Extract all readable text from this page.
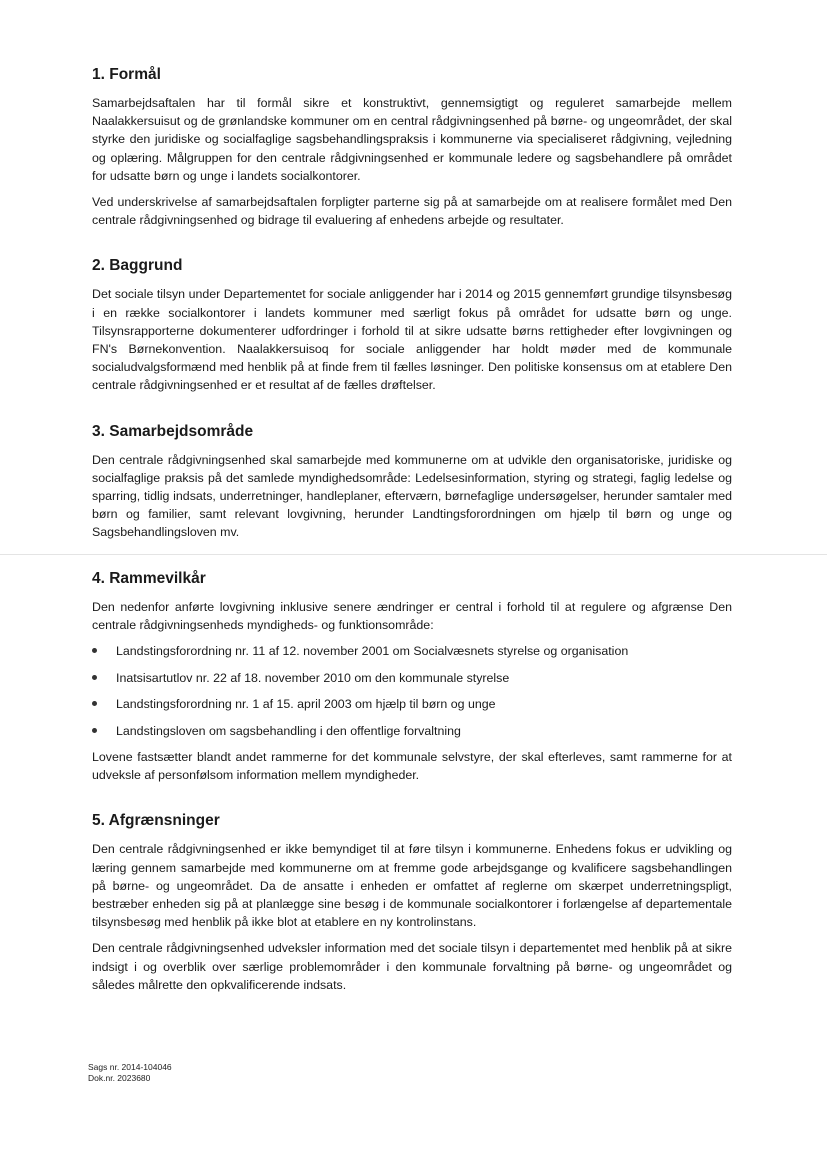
1. Formål

Samarbejdsaftalen har til formål sikre et konstruktivt, gennemsigtigt og reguleret samarbejde mellem Naalakkersuisut og de grønlandske kommuner om en central rådgivningsenhed på børne- og ungeområdet, der skal styrke den juridiske og socialfaglige sagsbehandlingspraksis i kommunerne via specialiseret rådgivning, vejledning og oplæring. Målgruppen for den centrale rådgivningsenhed er kommunale ledere og sagsbehandlere på området for udsatte børn og unge i landets socialkontorer.

Ved underskrivelse af samarbejdsaftalen forpligter parterne sig på at samarbejde om at realisere formålet med Den centrale rådgivningsenhed og bidrage til evaluering af enhedens arbejde og resultater.

2. Baggrund

Det sociale tilsyn under Departementet for sociale anliggender har i 2014 og 2015 gennemført grundige tilsynsbesøg i en række socialkontorer i landets kommuner med særligt fokus på området for udsatte børn og unge. Tilsynsrapporterne dokumenterer udfordringer i forhold til at sikre udsatte børns rettigheder efter lovgivningen og FN's Børnekonvention. Naalakkersuisoq for sociale anliggender har holdt møder med de kommunale socialudvalgsformænd med henblik på at finde frem til fælles løsninger. Den politiske konsensus om at etablere Den centrale rådgivningsenhed er et resultat af de fælles drøftelser.

3. Samarbejdsområde

Den centrale rådgivningsenhed skal samarbejde med kommunerne om at udvikle den organisatoriske, juridiske og socialfaglige praksis på det samlede myndighedsområde: Ledelsesinformation, styring og strategi, faglig ledelse og sparring, tidlig indsats, underretninger, handleplaner, efterværn, børnefaglige undersøgelser, herunder samtaler med børn og familier, samt relevant lovgivning, herunder Landtingsforordningen om hjælp til børn og unge og Sagsbehandlingsloven mv.

4. Rammevilkår

Den nedenfor anførte lovgivning inklusive senere ændringer er central i forhold til at regulere og afgrænse Den centrale rådgivningsenheds myndigheds- og funktionsområde:

Landstingsforordning nr. 11 af 12. november 2001 om Socialvæsnets styrelse og organisation
Inatsisartutlov nr. 22 af 18. november 2010 om den kommunale styrelse
Landstingsforordning nr. 1 af 15. april 2003 om hjælp til børn og unge
Landstingsloven om sagsbehandling i den offentlige forvaltning

Lovene fastsætter blandt andet rammerne for det kommunale selvstyre, der skal efterleves, samt rammerne for at udveksle af personfølsom information mellem myndigheder.

5. Afgrænsninger

Den centrale rådgivningsenhed er ikke bemyndiget til at føre tilsyn i kommunerne. Enhedens fokus er udvikling og læring gennem samarbejde med kommunerne om at fremme gode arbejdsgange og kvalificere sagsbehandlingen på børne- og ungeområdet. Da de ansatte i enheden er omfattet af reglerne om skærpet underretningspligt, bestræber enheden sig på at planlægge sine besøg i de kommunale socialkontorer i forlængelse af departementale tilsynsbesøg med henblik på ikke blot at etablere en ny kontrolinstans.

Den centrale rådgivningsenhed udveksler information med det sociale tilsyn i departementet med henblik på at sikre indsigt i og overblik over særlige problemområder i den kommunale forvaltning på børne- og ungeområdet og således målrette den opkvalificerende indsats.

Sags nr. 2014-104046
Dok.nr. 2023680
